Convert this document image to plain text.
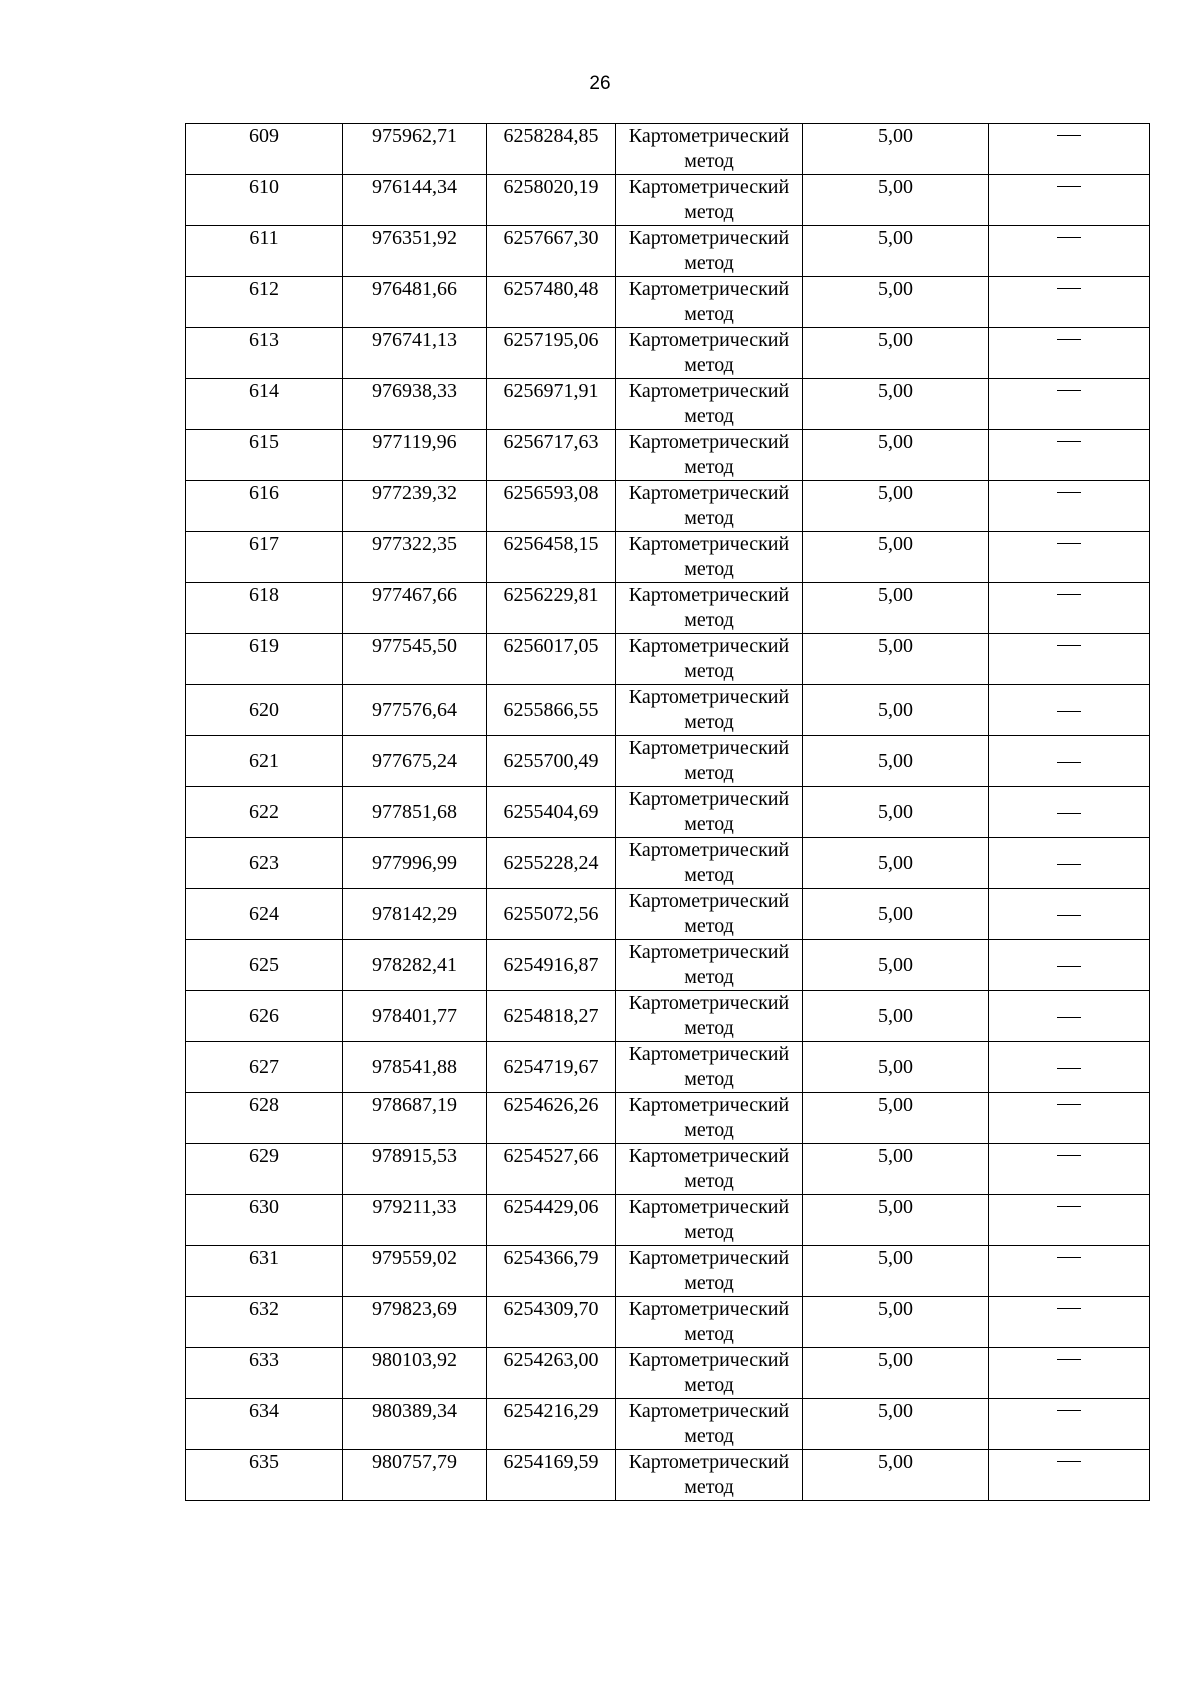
26
609	975962,71	6258284,85	Картометрический метод	5,00	
610	976144,34	6258020,19	Картометрический метод	5,00	
611	976351,92	6257667,30	Картометрический метод	5,00	
612	976481,66	6257480,48	Картометрический метод	5,00	
613	976741,13	6257195,06	Картометрический метод	5,00	
614	976938,33	6256971,91	Картометрический метод	5,00	
615	977119,96	6256717,63	Картометрический метод	5,00	
616	977239,32	6256593,08	Картометрический метод	5,00	
617	977322,35	6256458,15	Картометрический метод	5,00	
618	977467,66	6256229,81	Картометрический метод	5,00	
619	977545,50	6256017,05	Картометрический метод	5,00	
620	977576,64	6255866,55	Картометрический метод	5,00	
621	977675,24	6255700,49	Картометрический метод	5,00	
622	977851,68	6255404,69	Картометрический метод	5,00	
623	977996,99	6255228,24	Картометрический метод	5,00	
624	978142,29	6255072,56	Картометрический метод	5,00	
625	978282,41	6254916,87	Картометрический метод	5,00	
626	978401,77	6254818,27	Картометрический метод	5,00	
627	978541,88	6254719,67	Картометрический метод	5,00	
628	978687,19	6254626,26	Картометрический метод	5,00	
629	978915,53	6254527,66	Картометрический метод	5,00	
630	979211,33	6254429,06	Картометрический метод	5,00	
631	979559,02	6254366,79	Картометрический метод	5,00	
632	979823,69	6254309,70	Картометрический метод	5,00	
633	980103,92	6254263,00	Картометрический метод	5,00	
634	980389,34	6254216,29	Картометрический метод	5,00	
635	980757,79	6254169,59	Картометрический метод	5,00	
